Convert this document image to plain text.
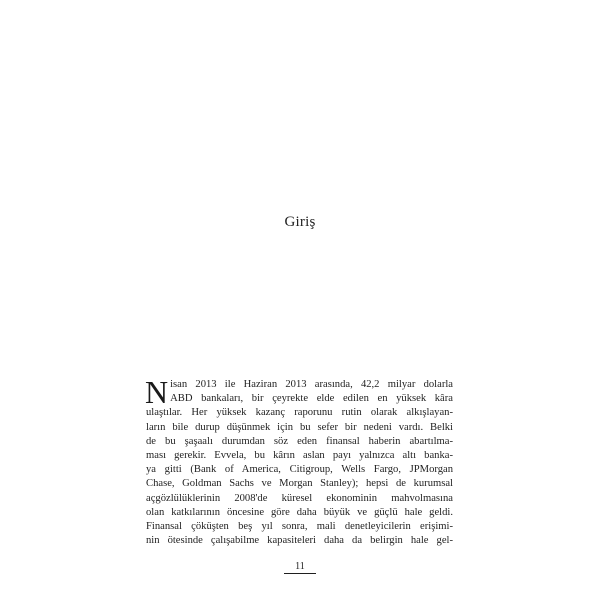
Giriş
N isan 2013 ile Haziran 2013 arasında, 42,2 milyar dolarla
ABD bankaları, bir çeyrekte elde edilen en yüksek kâra
ulaştılar. Her yüksek kazanç raporunu rutin olarak alkışlayan-
ların bile durup düşünmek için bu sefer bir nedeni vardı. Belki
de bu şaşaalı durumdan söz eden finansal haberin abartılma-
ması gerekir. Evvela, bu kârın aslan payı yalnızca altı banka-
ya gitti (Bank of America, Citigroup, Wells Fargo, JPMorgan
Chase, Goldman Sachs ve Morgan Stanley); hepsi de kurumsal
açgözlülüklerinin 2008'de küresel ekonominin mahvolmasına
olan katkılarının öncesine göre daha büyük ve güçlü hale geldi.
Finansal çöküşten beş yıl sonra, mali denetleyicilerin erişimi-
nin ötesinde çalışabilme kapasiteleri daha da belirgin hale gel-
11
